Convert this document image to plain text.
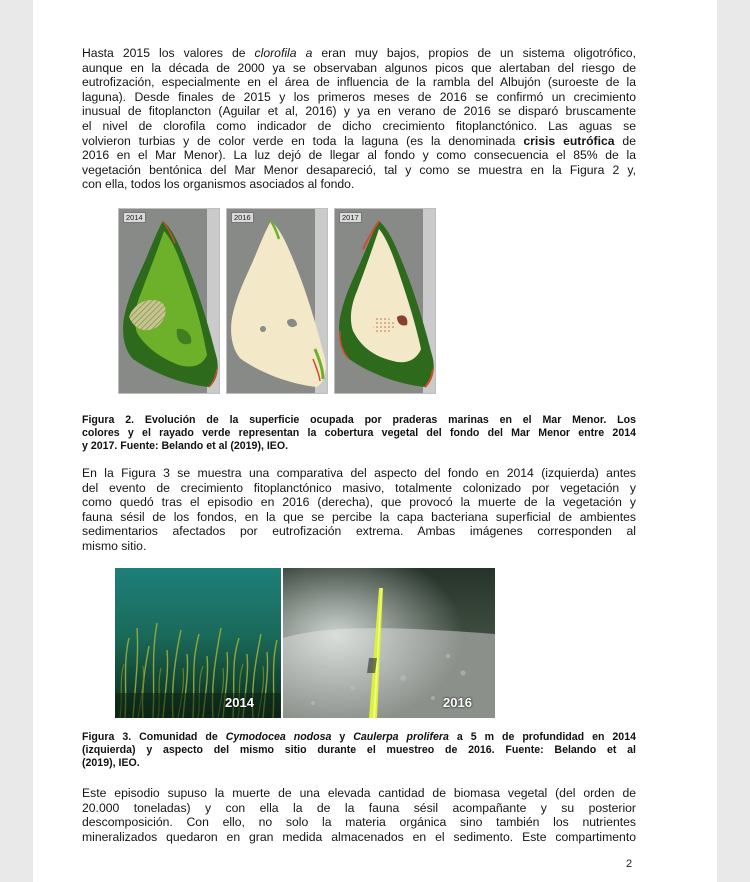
Hasta 2015 los valores de clorofila a eran muy bajos, propios de un sistema oligotrófico,
aunque en la década de 2000 ya se observaban algunos picos que alertaban del riesgo de
eutrofización, especialmente en el área de influencia de la rambla del Albujón (suroeste de la
laguna). Desde finales de 2015 y los primeros meses de 2016 se confirmó un crecimiento
inusual de fitoplancton (Aguilar et al, 2016) y ya en verano de 2016 se disparó bruscamente
el nivel de clorofila como indicador de dicho crecimiento fitoplanctónico. Las aguas se
volvieron turbias y de color verde en toda la laguna (es la denominada crisis eutrófica de
2016 en el Mar Menor). La luz dejó de llegar al fondo y como consecuencia el 85% de la
vegetación bentónica del Mar Menor desapareció, tal y como se muestra en la Figura 2 y,
con ella, todos los organismos asociados al fondo.
2014	2016	2017
Figura 2. Evolución de la superficie ocupada por praderas marinas en el Mar Menor. Los
colores y el rayado verde representan la cobertura vegetal del fondo del Mar Menor entre 2014
y 2017. Fuente: Belando et al (2019), IEO.
En la Figura 3 se muestra una comparativa del aspecto del fondo en 2014 (izquierda) antes
del evento de crecimiento fitoplanctónico masivo, totalmente colonizado por vegetación y
como quedó tras el episodio en 2016 (derecha), que provocó la muerte de la vegetación y
fauna sésil de los fondos, en la que se percibe la capa bacteriana superficial de ambientes
sedimentarios afectados por eutrofización extrema. Ambas imágenes corresponden al
mismo sitio.
2014	2016
Figura 3. Comunidad de Cymodocea nodosa y Caulerpa prolifera a 5 m de profundidad en 2014
(izquierda) y aspecto del mismo sitio durante el muestreo de 2016. Fuente: Belando et al
(2019), IEO.
Este episodio supuso la muerte de una elevada cantidad de biomasa vegetal (del orden de
20.000 toneladas) y con ella la de la fauna sésil acompañante y su posterior
descomposición. Con ello, no solo la materia orgánica sino también los nutrientes
mineralizados quedaron en gran medida almacenados en el sedimento. Este compartimento
2
